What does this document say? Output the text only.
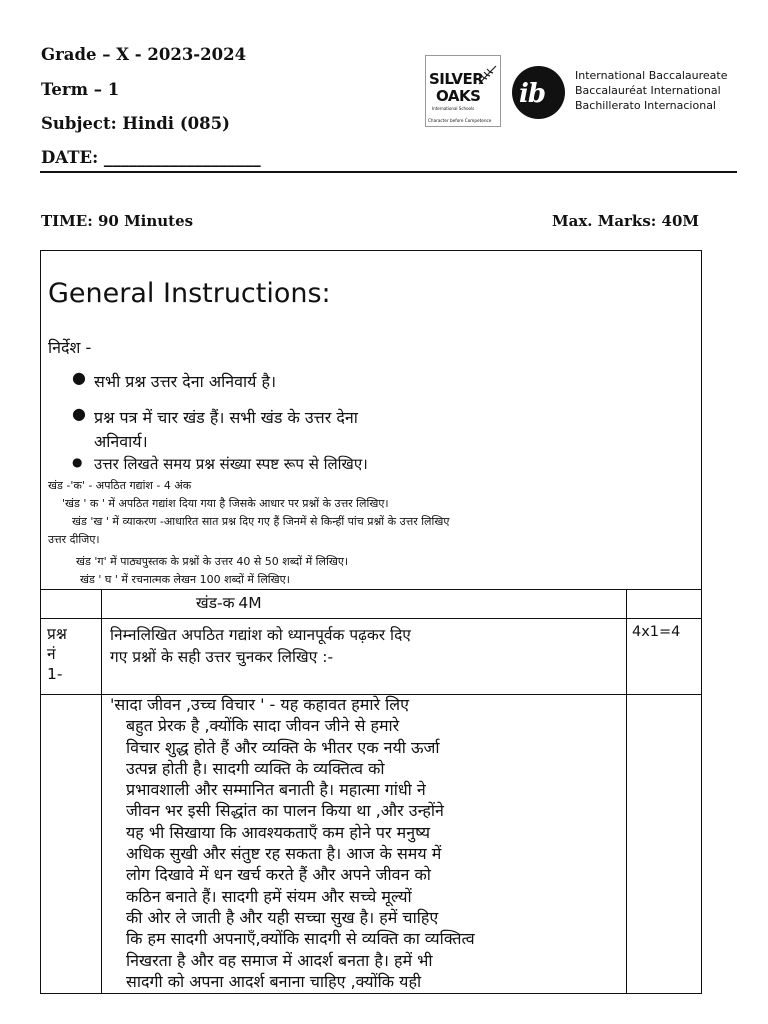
Grade – X - 2023-2024
Term – 1
Subject: Hindi (085)
DATE: ___________________
SILVER
OAKS
International Schools
Character before Competence
ib
International Baccalaureate
Baccalauréat International
Bachillerato Internacional
TIME: 90 Minutes	Max. Marks: 40M
General Instructions:
निर्देश -
● सभी प्रश्न उत्तर देना अनिवार्य है।
● प्रश्न पत्र में चार खंड हैं। सभी खंड के उत्तर देना
अनिवार्य।
● उत्तर लिखते समय प्रश्न संख्या स्पष्ट रूप से लिखिए।
खंड -'क' - अपठित गद्यांश - 4 अंक
'खंड ' क ' में अपठित गद्यांश दिया गया है जिसके आधार पर प्रश्नों के उत्तर लिखिए।
खंड 'ख ' में व्याकरण -आधारित सात प्रश्न दिए गए हैं जिनमें से किन्हीं पांच प्रश्नों के उत्तर लिखिए
उत्तर दीजिए।
खंड 'ग' में पाठ्यपुस्तक के प्रश्नों के उत्तर 40 से 50 शब्दों में लिखिए।
खंड ' घ ' में रचनात्मक लेखन 100 शब्दों में लिखिए।
खंड-क 4M
प्रश्न
नं
1-
निम्नलिखित अपठित गद्यांश को ध्यानपूर्वक पढ़कर दिए
गए प्रश्नों के सही उत्तर चुनकर लिखिए :-
4x1=4
'सादा जीवन ,उच्च विचार ' - यह कहावत हमारे लिए
बहुत प्रेरक है ,क्योंकि सादा जीवन जीने से हमारे
विचार शुद्ध होते हैं और व्यक्ति के भीतर एक नयी ऊर्जा
उत्पन्न होती है। सादगी व्यक्ति के व्यक्तित्व को
प्रभावशाली और सम्मानित बनाती है। महात्मा गांधी ने
जीवन भर इसी सिद्धांत का पालन किया था ,और उन्होंने
यह भी सिखाया कि आवश्यकताएँ कम होने पर मनुष्य
अधिक सुखी और संतुष्ट रह सकता है। आज के समय में
लोग दिखावे में धन खर्च करते हैं और अपने जीवन को
कठिन बनाते हैं। सादगी हमें संयम और सच्चे मूल्यों
की ओर ले जाती है और यही सच्चा सुख है। हमें चाहिए
कि हम सादगी अपनाएँ,क्योंकि सादगी से व्यक्ति का व्यक्तित्व
निखरता है और वह समाज में आदर्श बनता है। हमें भी
सादगी को अपना आदर्श बनाना चाहिए ,क्योंकि यही
